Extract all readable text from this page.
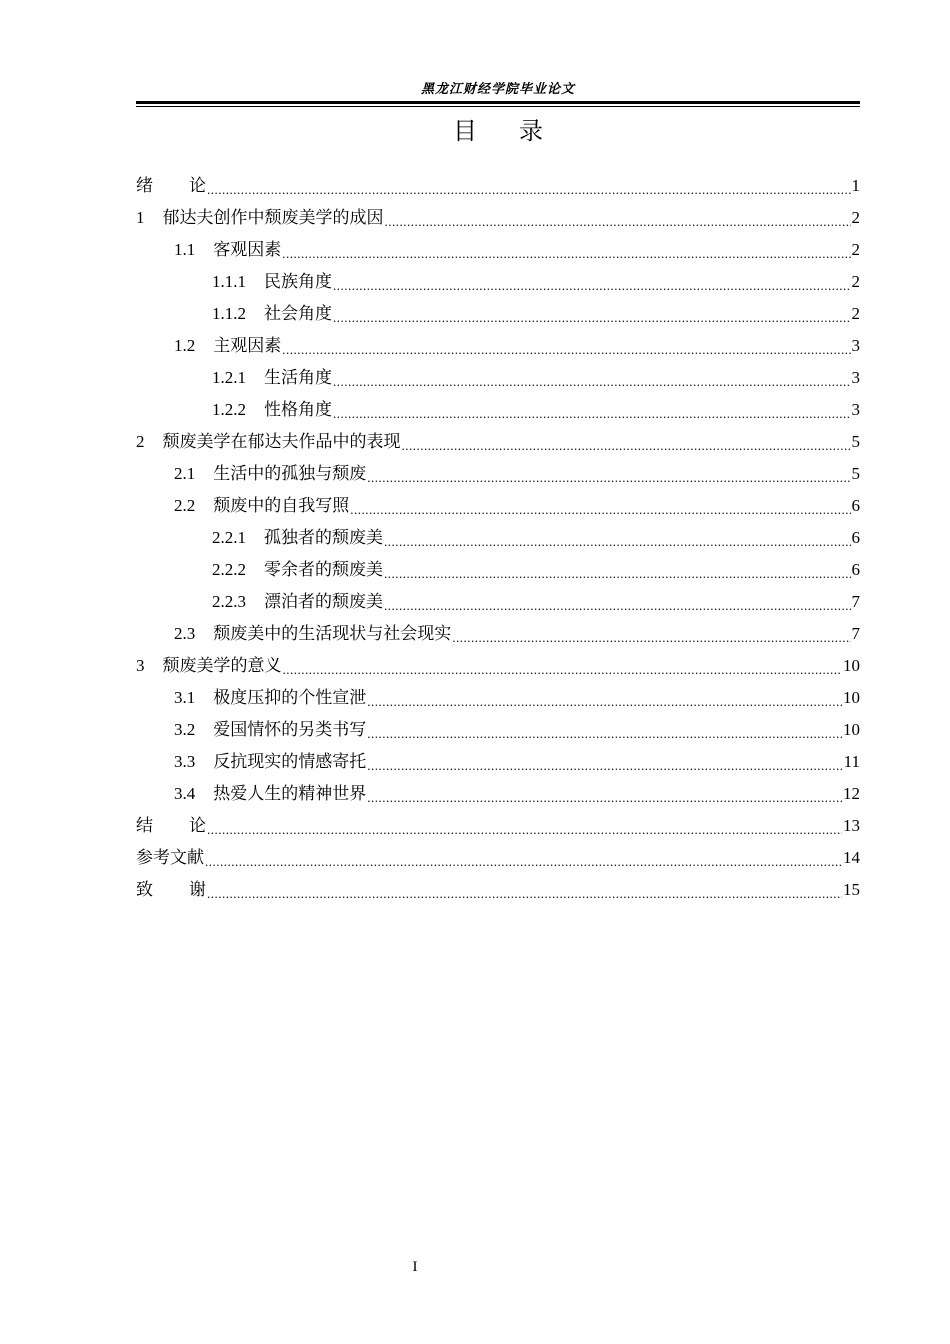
黑龙江财经学院毕业论文
目录
绪论 .....	1
1 郁达夫创作中颓废美学的成因 .....	2
1.1 客观因素 .....	2
1.1.1 民族角度 .....	2
1.1.2 社会角度 .....	2
1.2 主观因素 .....	3
1.2.1 生活角度 .....	3
1.2.2 性格角度 .....	3
2 颓废美学在郁达夫作品中的表现 .....	5
2.1 生活中的孤独与颓废 .....	5
2.2 颓废中的自我写照 .....	6
2.2.1 孤独者的颓废美 .....	6
2.2.2 零余者的颓废美 .....	6
2.2.3 漂泊者的颓废美 .....	7
2.3 颓废美中的生活现状与社会现实 .....	7
3 颓废美学的意义 .....	10
3.1 极度压抑的个性宣泄 .....	10
3.2 爱国情怀的另类书写 .....	10
3.3 反抗现实的情感寄托 .....	11
3.4 热爱人生的精神世界 .....	12
结论 .....	13
参考文献 .....	14
致谢 .....	15
I
